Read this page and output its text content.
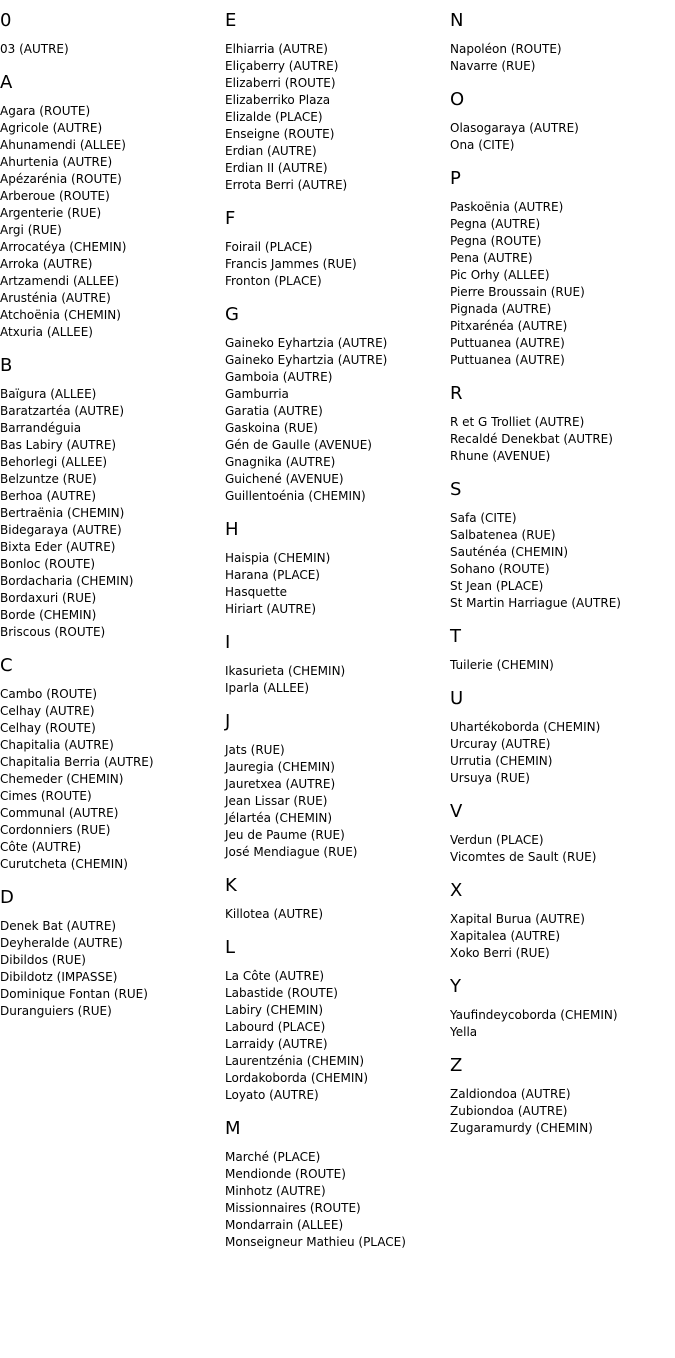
0
03 (AUTRE)
A
Agara (ROUTE)
Agricole (AUTRE)
Ahunamendi (ALLEE)
Ahurtenia (AUTRE)
Apézarénia (ROUTE)
Arberoue (ROUTE)
Argenterie (RUE)
Argi (RUE)
Arrocatéya (CHEMIN)
Arroka (AUTRE)
Artzamendi (ALLEE)
Arusténia (AUTRE)
Atchoënia (CHEMIN)
Atxuria (ALLEE)
B
Baïgura (ALLEE)
Baratzartéa (AUTRE)
Barrandéguia
Bas Labiry (AUTRE)
Behorlegi (ALLEE)
Belzuntze (RUE)
Berhoa (AUTRE)
Bertraënia (CHEMIN)
Bidegaraya (AUTRE)
Bixta Eder (AUTRE)
Bonloc (ROUTE)
Bordacharia (CHEMIN)
Bordaxuri (RUE)
Borde (CHEMIN)
Briscous (ROUTE)
C
Cambo (ROUTE)
Celhay (AUTRE)
Celhay (ROUTE)
Chapitalia (AUTRE)
Chapitalia Berria (AUTRE)
Chemeder (CHEMIN)
Cimes (ROUTE)
Communal (AUTRE)
Cordonniers (RUE)
Côte (AUTRE)
Curutcheta (CHEMIN)
D
Denek Bat (AUTRE)
Deyheralde (AUTRE)
Dibildos (RUE)
Dibildotz (IMPASSE)
Dominique Fontan (RUE)
Duranguiers (RUE)
E
Elhiarria (AUTRE)
Eliçaberry (AUTRE)
Elizaberri (ROUTE)
Elizaberriko Plaza
Elizalde (PLACE)
Enseigne (ROUTE)
Erdian (AUTRE)
Erdian II (AUTRE)
Errota Berri (AUTRE)
F
Foirail (PLACE)
Francis Jammes (RUE)
Fronton (PLACE)
G
Gaineko Eyhartzia (AUTRE)
Gaineko Eyhartzia (AUTRE)
Gamboia (AUTRE)
Gamburria
Garatia (AUTRE)
Gaskoina (RUE)
Gén de Gaulle (AVENUE)
Gnagnika (AUTRE)
Guichené (AVENUE)
Guillentoénia (CHEMIN)
H
Haispia (CHEMIN)
Harana (PLACE)
Hasquette
Hiriart (AUTRE)
I
Ikasurieta (CHEMIN)
Iparla (ALLEE)
J
Jats (RUE)
Jauregia (CHEMIN)
Jauretxea (AUTRE)
Jean Lissar (RUE)
Jélartéa (CHEMIN)
Jeu de Paume (RUE)
José Mendiague (RUE)
K
Killotea (AUTRE)
L
La Côte (AUTRE)
Labastide (ROUTE)
Labiry (CHEMIN)
Labourd (PLACE)
Larraidy (AUTRE)
Laurentzénia (CHEMIN)
Lordakoborda (CHEMIN)
Loyato (AUTRE)
M
Marché (PLACE)
Mendionde (ROUTE)
Minhotz (AUTRE)
Missionnaires (ROUTE)
Mondarrain (ALLEE)
Monseigneur Mathieu (PLACE)
N
Napoléon (ROUTE)
Navarre (RUE)
O
Olasogaraya (AUTRE)
Ona (CITE)
P
Paskoënia (AUTRE)
Pegna (AUTRE)
Pegna (ROUTE)
Pena (AUTRE)
Pic Orhy (ALLEE)
Pierre Broussain (RUE)
Pignada (AUTRE)
Pitxarénéa (AUTRE)
Puttuanea (AUTRE)
Puttuanea (AUTRE)
R
R et G Trolliet (AUTRE)
Recaldé Denekbat (AUTRE)
Rhune (AVENUE)
S
Safa (CITE)
Salbatenea (RUE)
Sauténéa (CHEMIN)
Sohano (ROUTE)
St Jean (PLACE)
St Martin Harriague (AUTRE)
T
Tuilerie (CHEMIN)
U
Uhartékoborda (CHEMIN)
Urcuray (AUTRE)
Urrutia (CHEMIN)
Ursuya (RUE)
V
Verdun (PLACE)
Vicomtes de Sault (RUE)
X
Xapital Burua (AUTRE)
Xapitalea (AUTRE)
Xoko Berri (RUE)
Y
Yaufindeycoborda (CHEMIN)
Yella
Z
Zaldiondoa (AUTRE)
Zubiondoa (AUTRE)
Zugaramurdy (CHEMIN)
